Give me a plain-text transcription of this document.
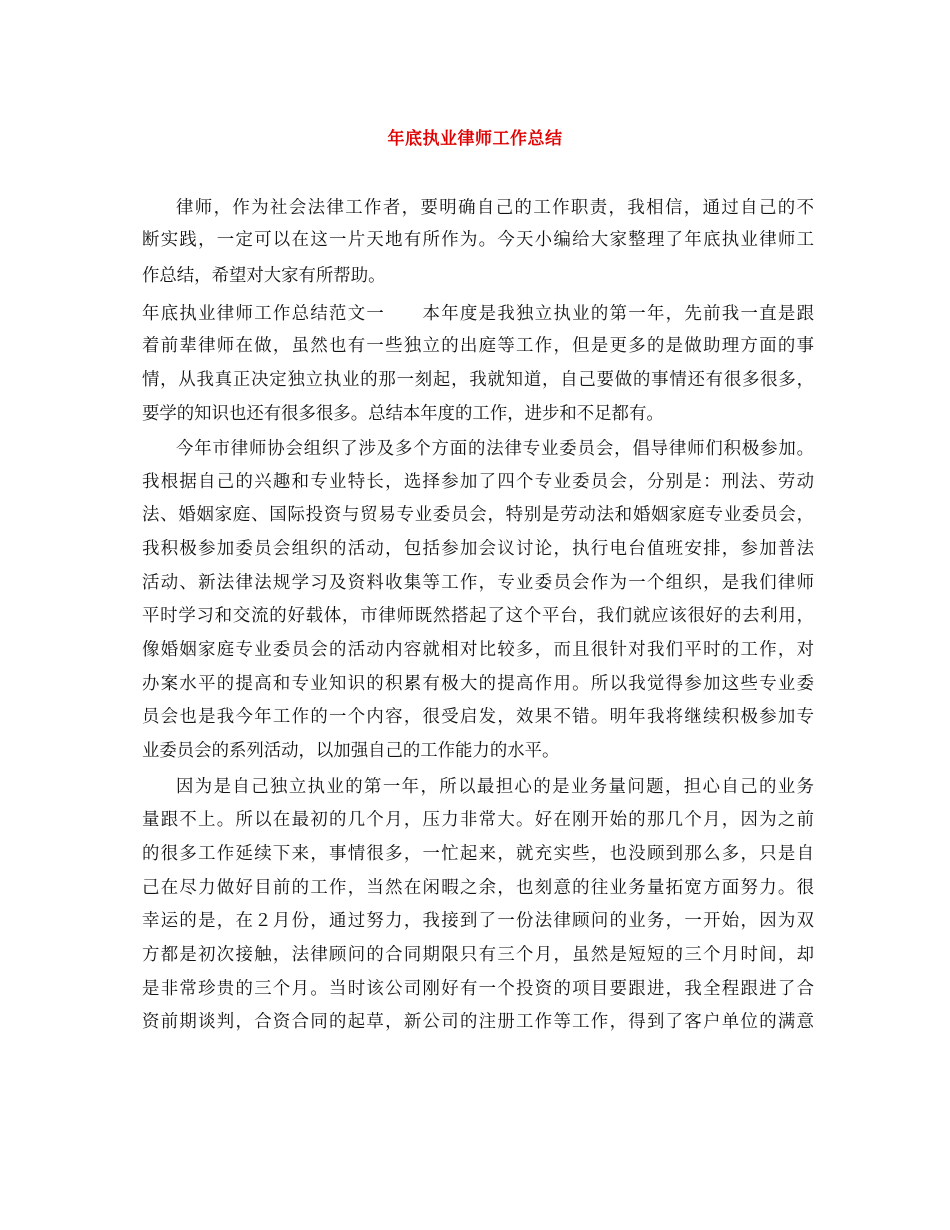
年底执业律师工作总结
律师，作为社会法律工作者，要明确自己的工作职责，我相信，通过自己的不
断实践，一定可以在这一片天地有所作为。今天小编给大家整理了年底执业律师工
作总结，希望对大家有所帮助。
年底执业律师工作总结范文一　　本年度是我独立执业的第一年，先前我一直是跟
着前辈律师在做，虽然也有一些独立的出庭等工作，但是更多的是做助理方面的事
情，从我真正决定独立执业的那一刻起，我就知道，自己要做的事情还有很多很多，
要学的知识也还有很多很多。总结本年度的工作，进步和不足都有。
今年市律师协会组织了涉及多个方面的法律专业委员会，倡导律师们积极参加。
我根据自己的兴趣和专业特长，选择参加了四个专业委员会，分别是：刑法、劳动
法、婚姻家庭、国际投资与贸易专业委员会，特别是劳动法和婚姻家庭专业委员会，
我积极参加委员会组织的活动，包括参加会议讨论，执行电台值班安排，参加普法
活动、新法律法规学习及资料收集等工作，专业委员会作为一个组织，是我们律师
平时学习和交流的好载体，市律师既然搭起了这个平台，我们就应该很好的去利用，
像婚姻家庭专业委员会的活动内容就相对比较多，而且很针对我们平时的工作，对
办案水平的提高和专业知识的积累有极大的提高作用。所以我觉得参加这些专业委
员会也是我今年工作的一个内容，很受启发，效果不错。明年我将继续积极参加专
业委员会的系列活动，以加强自己的工作能力的水平。
因为是自己独立执业的第一年，所以最担心的是业务量问题，担心自己的业务
量跟不上。所以在最初的几个月，压力非常大。好在刚开始的那几个月，因为之前
的很多工作延续下来，事情很多，一忙起来，就充实些，也没顾到那么多，只是自
己在尽力做好目前的工作，当然在闲暇之余，也刻意的往业务量拓宽方面努力。很
幸运的是，在２月份，通过努力，我接到了一份法律顾问的业务，一开始，因为双
方都是初次接触，法律顾问的合同期限只有三个月，虽然是短短的三个月时间，却
是非常珍贵的三个月。当时该公司刚好有一个投资的项目要跟进，我全程跟进了合
资前期谈判，合资合同的起草，新公司的注册工作等工作，得到了客户单位的满意
